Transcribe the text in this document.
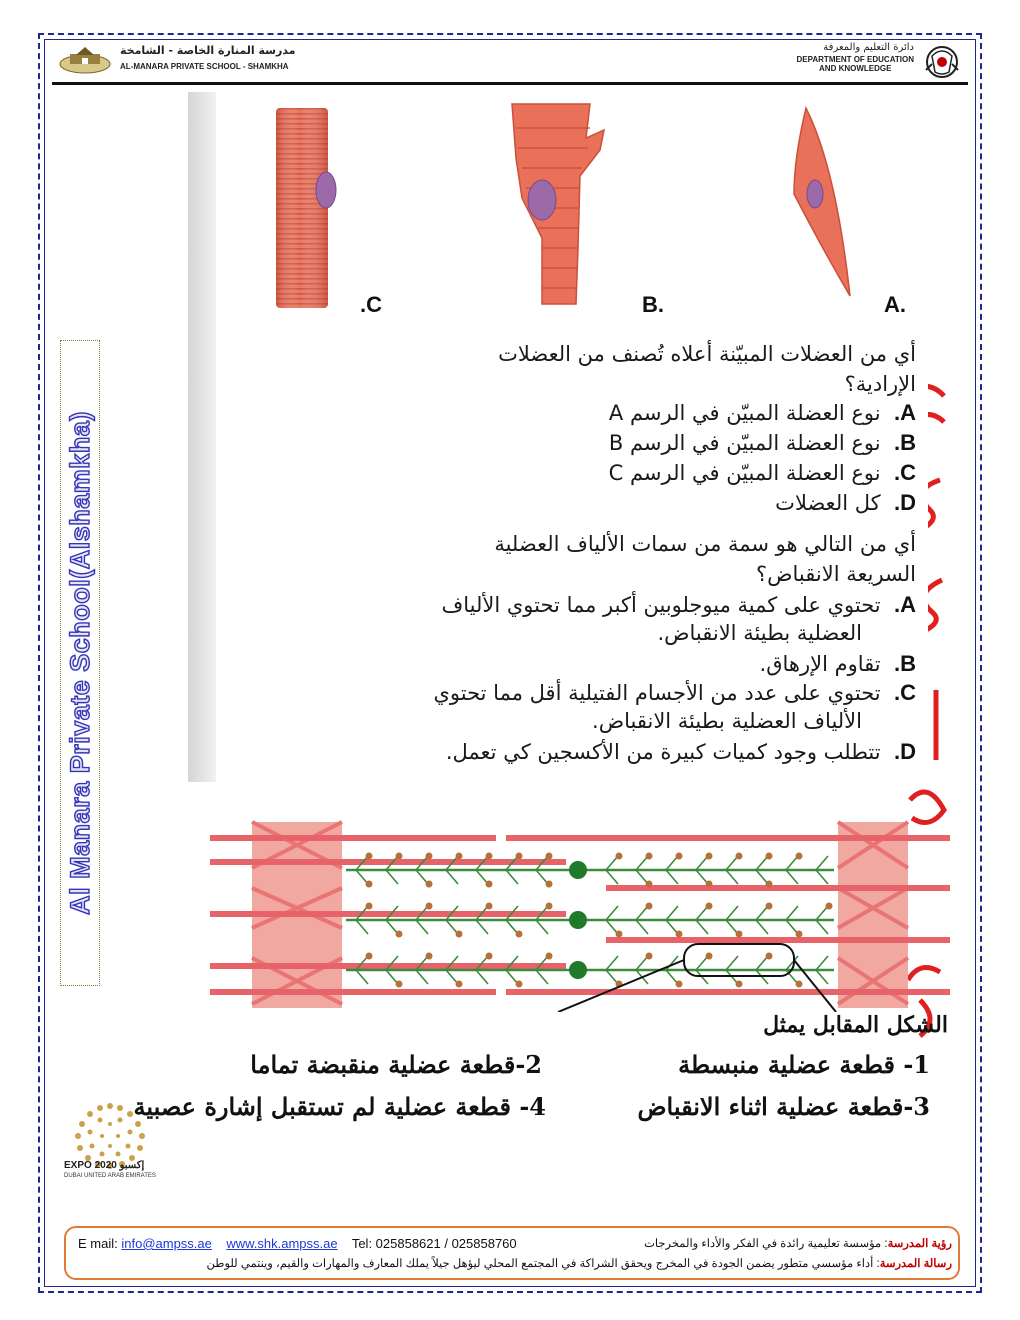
مدرسة المنارة الخاصة - الشامخة
AL-MANARA PRIVATE SCHOOL - SHAMKHA
دائرة التعليم والمعرفة
DEPARTMENT OF EDUCATION
AND KNOWLEDGE
Al Manara Private School(Alshamkha)
.C	B.	A.
أي من العضلات المبيّنة أعلاه تُصنف من العضلات
الإرادية؟
A.  نوع العضلة المبيّن في الرسم A
B.  نوع العضلة المبيّن في الرسم B
C.  نوع العضلة المبيّن في الرسم C
D.  كل العضلات
أي من التالي هو سمة من سمات الألياف العضلية
السريعة الانقباض؟
A.  تحتوي على كمية ميوجلوبين أكبر مما تحتوي الألياف
العضلية بطيئة الانقباض.
B.  تقاوم الإرهاق.
C.  تحتوي على عدد من الأجسام الفتيلية أقل مما تحتوي
الألياف العضلية بطيئة الانقباض.
D.  تتطلب وجود كميات كبيرة من الأكسجين كي تعمل.
الشكل المقابل يمثل
1- قطعة عضلية منبسطة
2-قطعة عضلية منقبضة تماما
3-قطعة عضلية اثناء الانقباض
4- قطعة عضلية لم تستقبل إشارة عصبية
EXPO 2020 إكسبو
DUBAI UNITED ARAB EMIRATES
رؤية المدرسة: مؤسسة تعليمية رائدة في الفكر والأداء والمخرجات
رسالة المدرسة: أداء مؤسسي متطور يضمن الجودة في المخرج ويحقق الشراكة في المجتمع المحلي ليؤهل جيلاً يملك المعارف والمهارات والقيم، وينتمي للوطن
E mail: info@ampss.ae www.shk.ampss.ae Tel: 025858621 / 025858760
